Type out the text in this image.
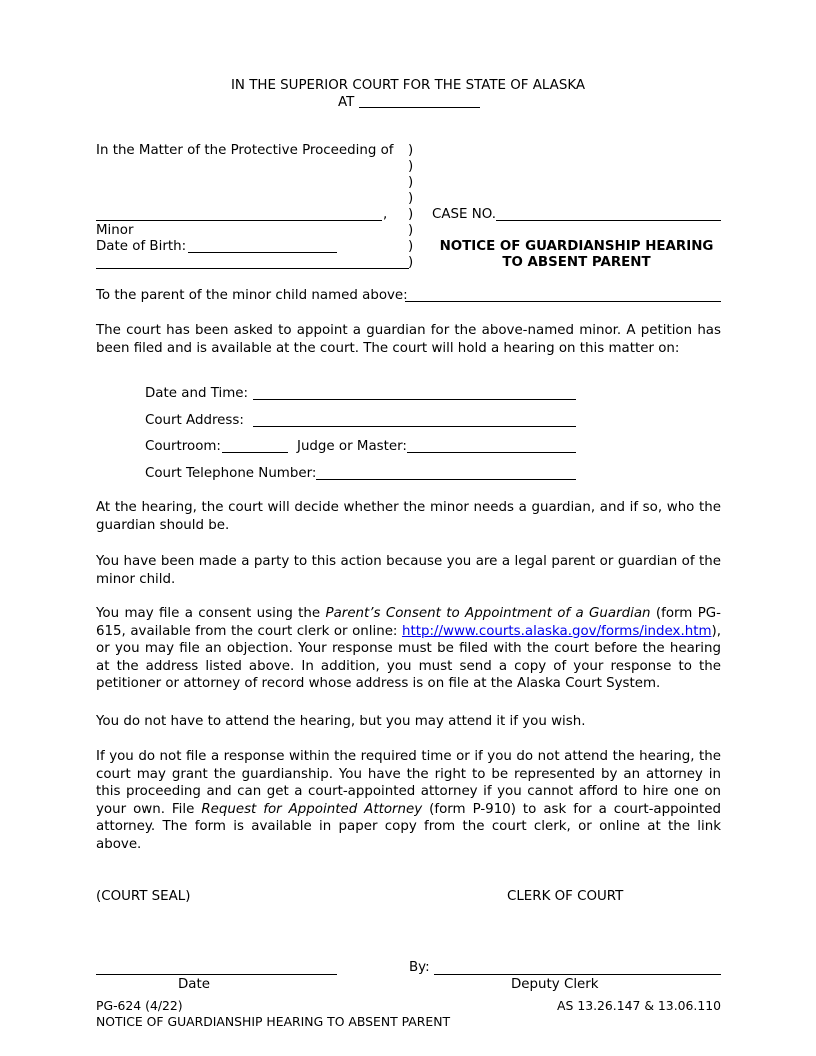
IN THE SUPERIOR COURT FOR THE STATE OF ALASKA
AT
In the Matter of the Protective Proceeding of
,
Minor
Date of Birth:
)
)
)
)
)
)
)
)
CASE NO.
NOTICE OF GUARDIANSHIP HEARING
TO ABSENT PARENT
To the parent of the minor child named above:
The court has been asked to appoint a guardian for the above-named minor. A petition has been filed and is available at the court. The court will hold a hearing on this matter on:
Date and Time:
Court Address:
Courtroom:	Judge or Master:
Court Telephone Number:
At the hearing, the court will decide whether the minor needs a guardian, and if so, who the guardian should be.
You have been made a party to this action because you are a legal parent or guardian of the minor child.
You may file a consent using the Parent’s Consent to Appointment of a Guardian (form PG-615, available from the court clerk or online: http://www.courts.alaska.gov/forms/index.htm), or you may file an objection. Your response must be filed with the court before the hearing at the address listed above. In addition, you must send a copy of your response to the petitioner or attorney of record whose address is on file at the Alaska Court System.
You do not have to attend the hearing, but you may attend it if you wish.
If you do not file a response within the required time or if you do not attend the hearing, the court may grant the guardianship. You have the right to be represented by an attorney in this proceeding and can get a court-appointed attorney if you cannot afford to hire one on your own. File Request for Appointed Attorney (form P-910) to ask for a court-appointed attorney. The form is available in paper copy from the court clerk, or online at the link above.
(COURT SEAL)	CLERK OF COURT
By:
Date	Deputy Clerk
PG-624 (4/22)
NOTICE OF GUARDIANSHIP HEARING TO ABSENT PARENT
AS 13.26.147 & 13.06.110
